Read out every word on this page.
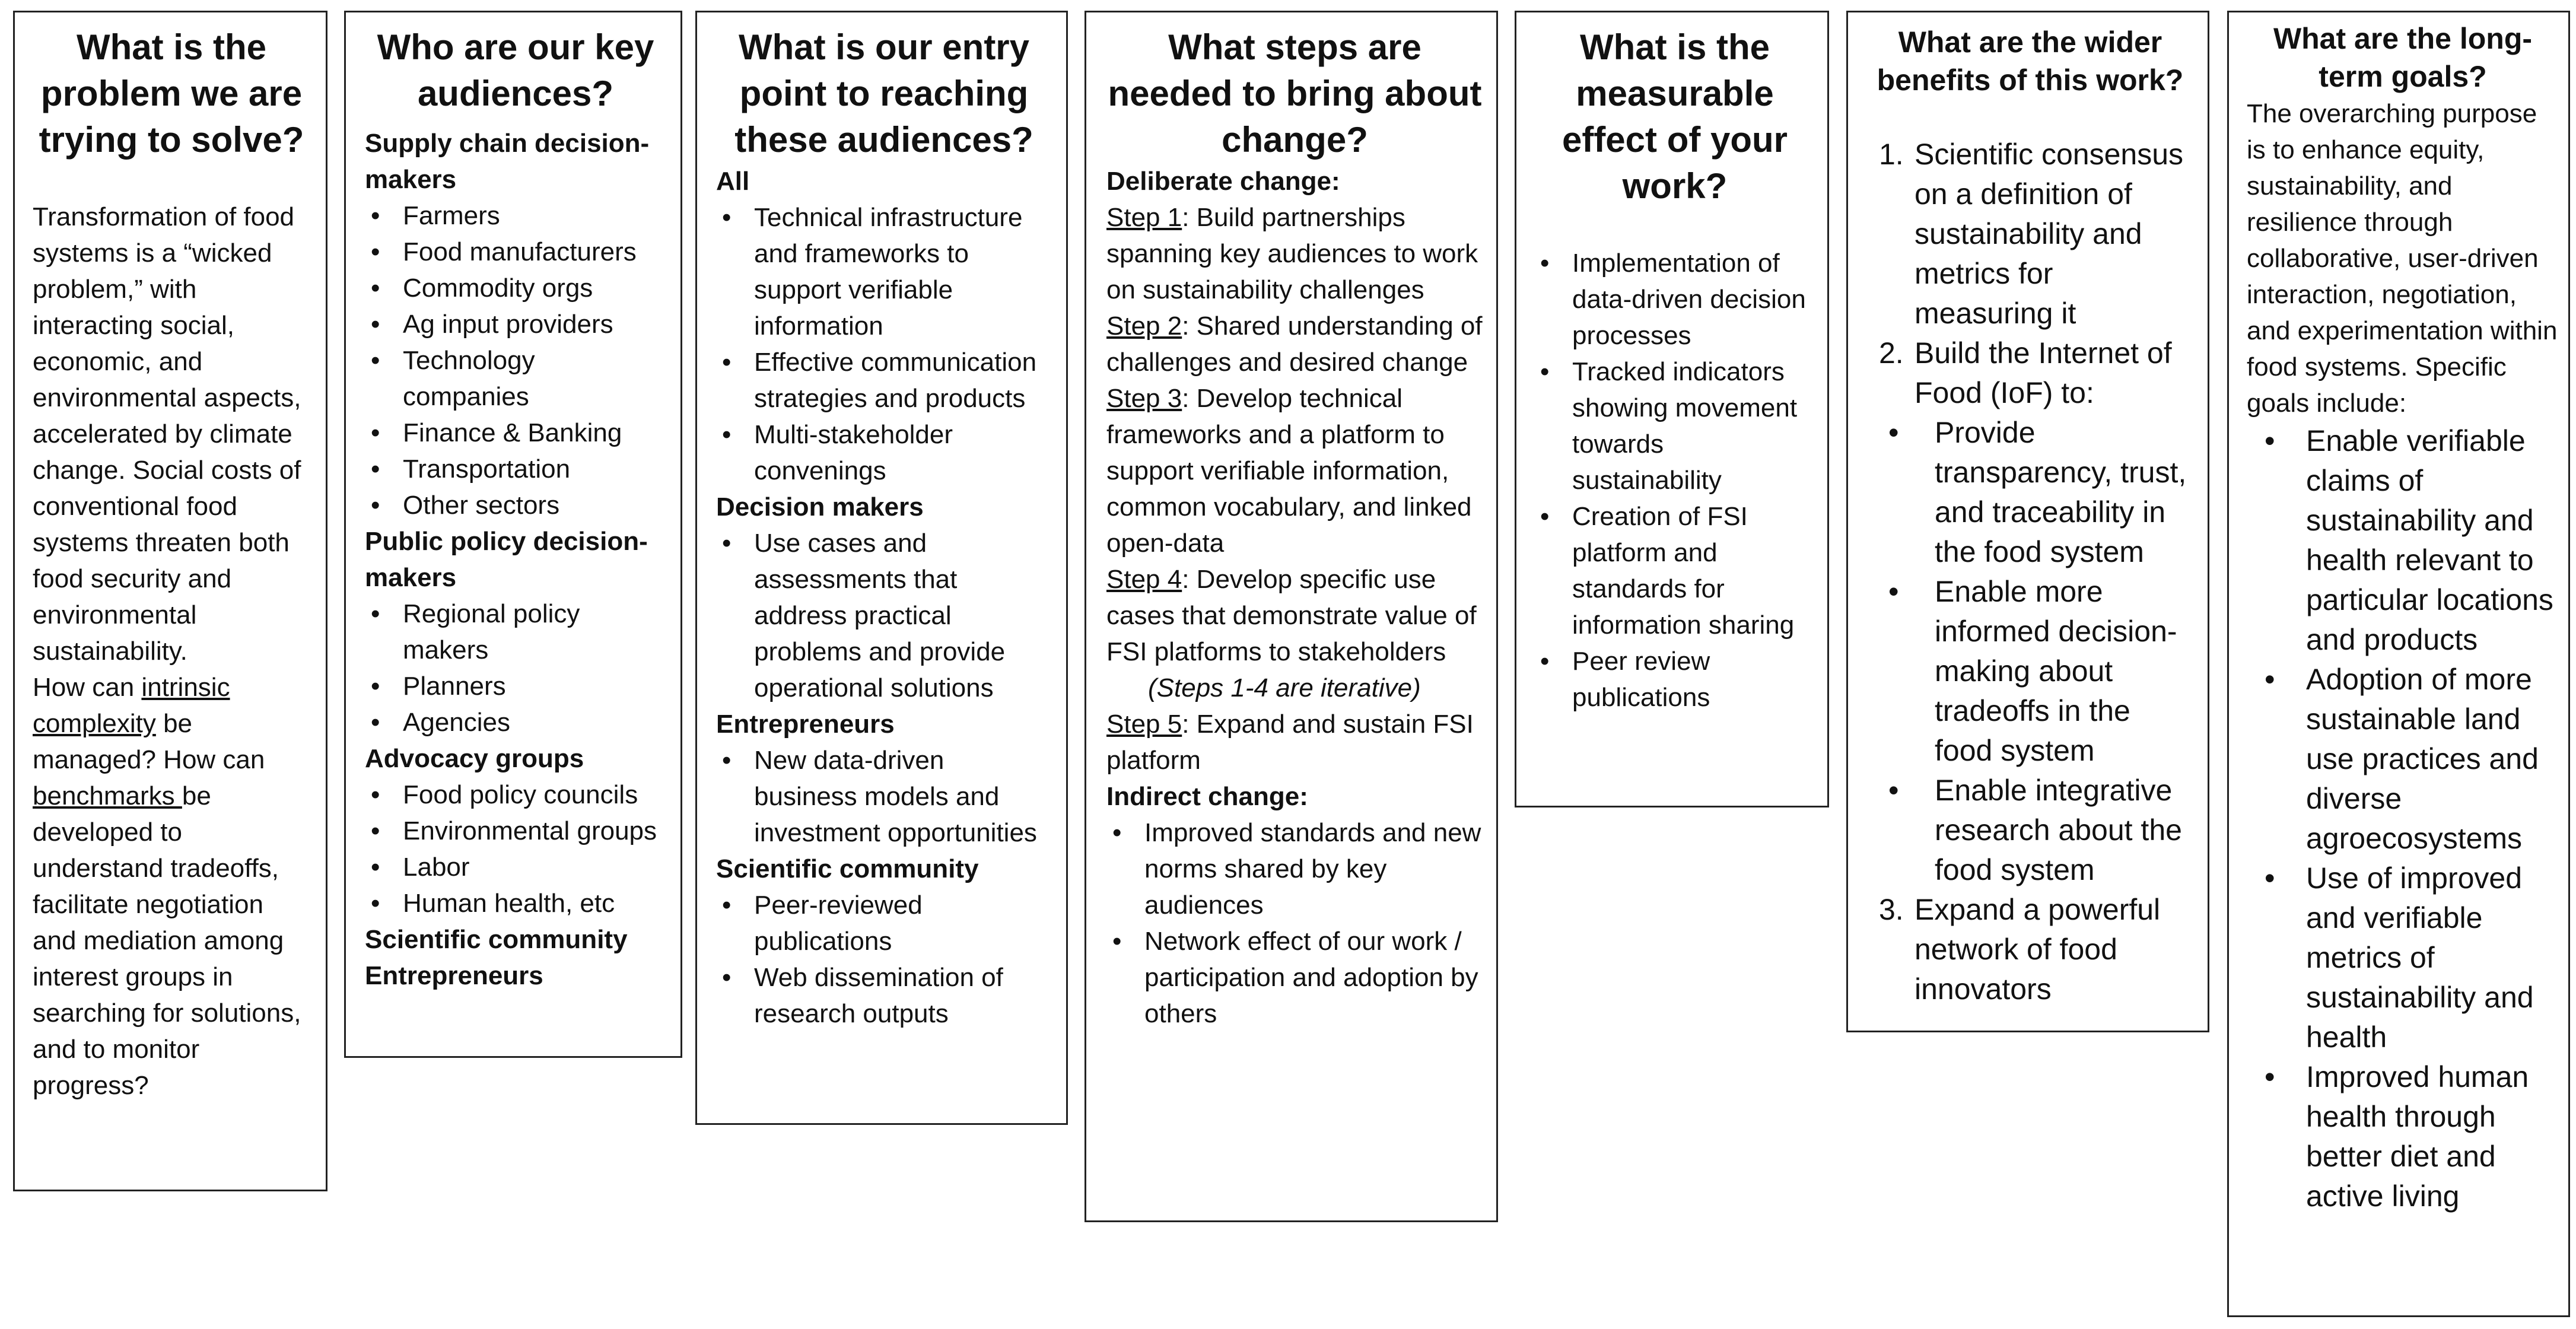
What is the problem we are trying to solve?

Transformation of food systems is a “wicked problem,” with interacting social, economic, and environmental aspects, accelerated by climate change. Social costs of conventional food systems threaten both food security and environmental sustainability.
How can intrinsic complexity be managed? How can benchmarks be developed to understand tradeoffs, facilitate negotiation and mediation among interest groups in searching for solutions, and to monitor progress?

Who are our key audiences?

Supply chain decision-makers
• Farmers
• Food manufacturers
• Commodity orgs
• Ag input providers
• Technology companies
• Finance & Banking
• Transportation
• Other sectors
Public policy decision-makers
• Regional policy makers
• Planners
• Agencies
Advocacy groups
• Food policy councils
• Environmental groups
• Labor
• Human health, etc
Scientific community
Entrepreneurs

What is our entry point to reaching these audiences?

All
• Technical infrastructure and frameworks to support verifiable information
• Effective communication strategies and products
• Multi-stakeholder convenings
Decision makers
• Use cases and assessments that address practical problems and provide operational solutions
Entrepreneurs
• New data-driven business models and investment opportunities
Scientific community
• Peer-reviewed publications
• Web dissemination of research outputs

What steps are needed to bring about change?

Deliberate change:
Step 1: Build partnerships spanning key audiences to work on sustainability challenges
Step 2: Shared understanding of challenges and desired change
Step 3: Develop technical frameworks and a platform to support verifiable information, common vocabulary, and linked open-data
Step 4: Develop specific use cases that demonstrate value of FSI platforms to stakeholders
(Steps 1-4 are iterative)
Step 5: Expand and sustain FSI platform
Indirect change:
• Improved standards and new norms shared by key audiences
• Network effect of our work / participation and adoption by others

What is the measurable effect of your work?

• Implementation of data-driven decision processes
• Tracked indicators showing movement towards sustainability
• Creation of FSI platform and standards for information sharing
• Peer review publications

What are the wider benefits of this work?

1. Scientific consensus on a definition of sustainability and metrics for measuring it
2. Build the Internet of Food (IoF) to:
• Provide transparency, trust, and traceability in the food system
• Enable more informed decision-making about tradeoffs in the food system
• Enable integrative research about the food system
3. Expand a powerful network of food innovators

What are the long-term goals?

The overarching purpose is to enhance equity, sustainability, and resilience through collaborative, user-driven interaction, negotiation, and experimentation within food systems. Specific goals include:
• Enable verifiable claims of sustainability and health relevant to particular locations and products
• Adoption of more sustainable land use practices and diverse agroecosystems
• Use of improved and verifiable metrics of sustainability and health
• Improved human health through better diet and active living
